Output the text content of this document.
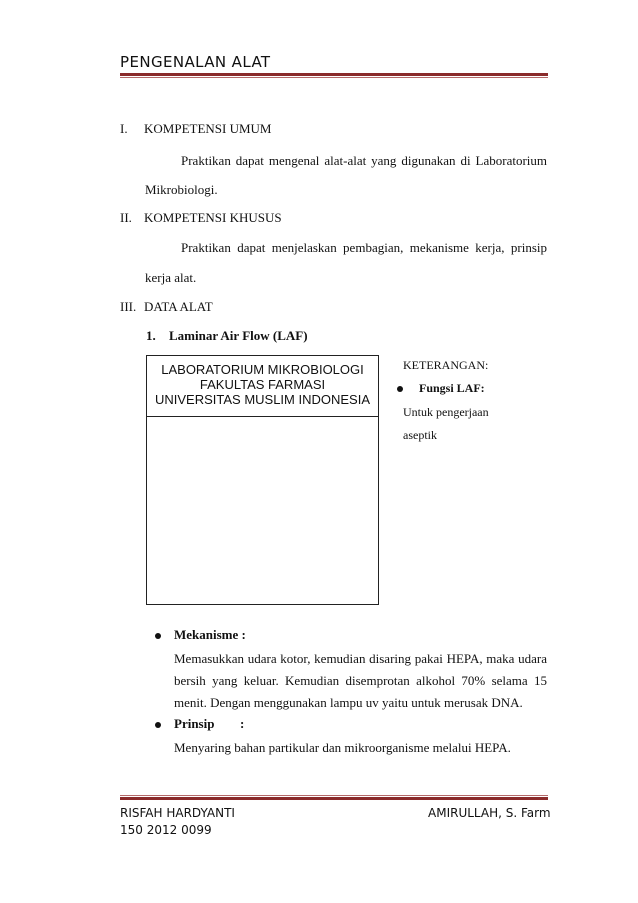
PENGENALAN ALAT
I. KOMPETENSI UMUM
Praktikan dapat mengenal alat-alat yang digunakan di Laboratorium
Mikrobiologi.
II. KOMPETENSI KHUSUS
Praktikan dapat menjelaskan pembagian, mekanisme kerja, prinsip
kerja alat.
III. DATA ALAT
1. Laminar Air Flow (LAF)
LABORATORIUM MIKROBIOLOGI
FAKULTAS FARMASI
UNIVERSITAS MUSLIM INDONESIA
KETERANGAN:
Fungsi LAF:
Untuk pengerjaan
aseptik
Mekanisme :
Memasukkan udara kotor, kemudian disaring pakai HEPA, maka udara
bersih yang keluar. Kemudian disemprotan alkohol 70% selama 15
menit. Dengan menggunakan lampu uv yaitu untuk merusak DNA.
Prinsip :
Menyaring bahan partikular dan mikroorganisme melalui HEPA.
RISFAH HARDYANTI
150 2012 0099
AMIRULLAH, S. Farm
